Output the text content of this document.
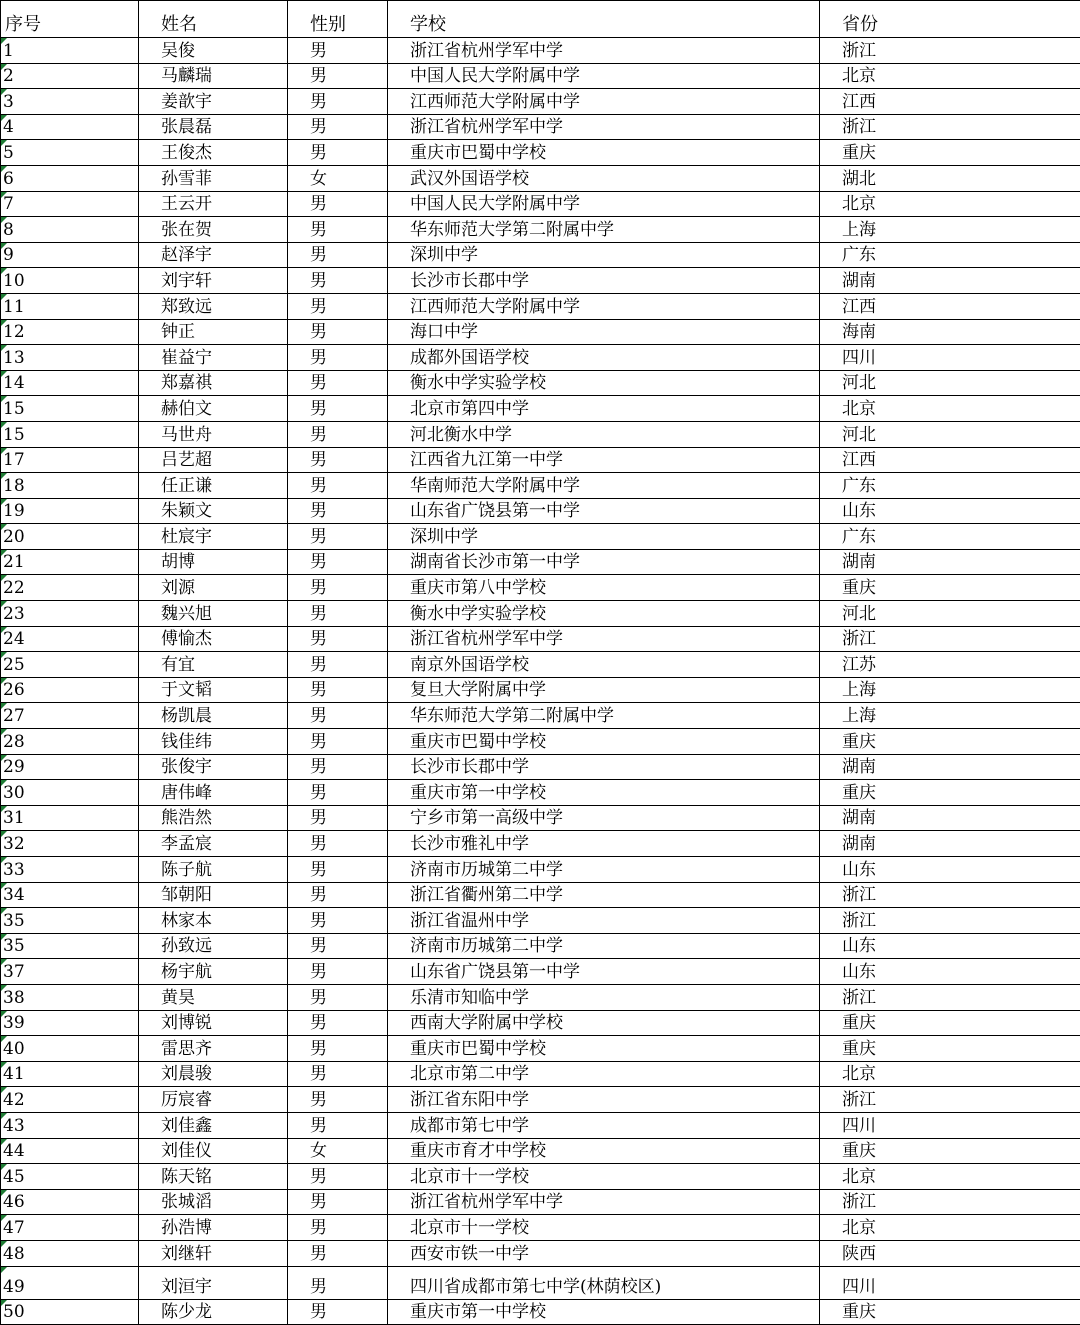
序号	姓名	性别	学校	省份
1	吴俊	男	浙江省杭州学军中学	浙江
2	马麟瑞	男	中国人民大学附属中学	北京
3	姜歆宇	男	江西师范大学附属中学	江西
4	张晨磊	男	浙江省杭州学军中学	浙江
5	王俊杰	男	重庆市巴蜀中学校	重庆
6	孙雪菲	女	武汉外国语学校	湖北
7	王云开	男	中国人民大学附属中学	北京
8	张在贺	男	华东师范大学第二附属中学	上海
9	赵泽宇	男	深圳中学	广东
10	刘宇轩	男	长沙市长郡中学	湖南
11	郑致远	男	江西师范大学附属中学	江西
12	钟正	男	海口中学	海南
13	崔益宁	男	成都外国语学校	四川
14	郑嘉祺	男	衡水中学实验学校	河北
15	赫伯文	男	北京市第四中学	北京
15	马世舟	男	河北衡水中学	河北
17	吕艺超	男	江西省九江第一中学	江西
18	任正谦	男	华南师范大学附属中学	广东
19	朱颖文	男	山东省广饶县第一中学	山东
20	杜宸宇	男	深圳中学	广东
21	胡博	男	湖南省长沙市第一中学	湖南
22	刘源	男	重庆市第八中学校	重庆
23	魏兴旭	男	衡水中学实验学校	河北
24	傅愉杰	男	浙江省杭州学军中学	浙江
25	有宜	男	南京外国语学校	江苏
26	于文韬	男	复旦大学附属中学	上海
27	杨凯晨	男	华东师范大学第二附属中学	上海
28	钱佳纬	男	重庆市巴蜀中学校	重庆
29	张俊宇	男	长沙市长郡中学	湖南
30	唐伟峰	男	重庆市第一中学校	重庆
31	熊浩然	男	宁乡市第一高级中学	湖南
32	李孟宸	男	长沙市雅礼中学	湖南
33	陈子航	男	济南市历城第二中学	山东
34	邹朝阳	男	浙江省衢州第二中学	浙江
35	林家本	男	浙江省温州中学	浙江
35	孙致远	男	济南市历城第二中学	山东
37	杨宇航	男	山东省广饶县第一中学	山东
38	黄昊	男	乐清市知临中学	浙江
39	刘博锐	男	西南大学附属中学校	重庆
40	雷思齐	男	重庆市巴蜀中学校	重庆
41	刘晨骏	男	北京市第二中学	北京
42	厉宸睿	男	浙江省东阳中学	浙江
43	刘佳鑫	男	成都市第七中学	四川
44	刘佳仪	女	重庆市育才中学校	重庆
45	陈天铭	男	北京市十一学校	北京
46	张城滔	男	浙江省杭州学军中学	浙江
47	孙浩博	男	北京市十一学校	北京
48	刘继轩	男	西安市铁一中学	陕西
49	刘洹宇	男	四川省成都市第七中学(林荫校区)	四川
50	陈少龙	男	重庆市第一中学校	重庆
